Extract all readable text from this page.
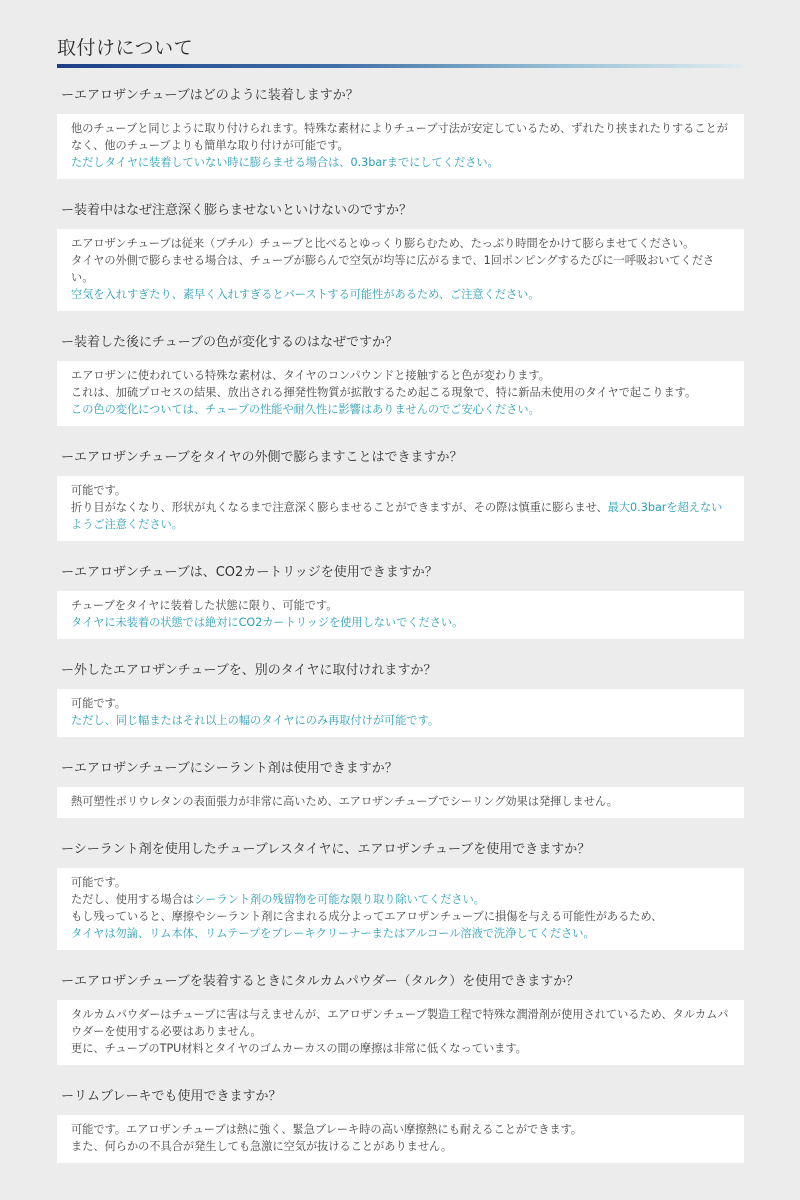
取付けについて
ーエアロザンチューブはどのように装着しますか？

他のチューブと同じように取り付けられます。特殊な素材によりチューブ寸法が安定しているため、ずれたり挟まれたりすることがなく、他のチューブよりも簡単な取り付けが可能です。

ただしタイヤに装着していない時に膨らませる場合は、0.3barまでにしてください。

ー装着中はなぜ注意深く膨らませないといけないのですか？

エアロザンチューブは従来（ブチル）チューブと比べるとゆっくり膨らむため、たっぷり時間をかけて膨らませてください。

タイヤの外側で膨らませる場合は、チューブが膨らんで空気が均等に広がるまで、1回ポンピングするたびに一呼吸おいてください。

空気を入れすぎたり、素早く入れすぎるとバーストする可能性があるため、ご注意ください。

ー装着した後にチューブの色が変化するのはなぜですか？

エアロザンに使われている特殊な素材は、タイヤのコンパウンドと接触すると色が変わります。

これは、加硫プロセスの結果、放出される揮発性物質が拡散するため起こる現象で、特に新品未使用のタイヤで起こります。

この色の変化については、チューブの性能や耐久性に影響はありませんのでご安心ください。

ーエアロザンチューブをタイヤの外側で膨らますことはできますか？

可能です。

折り目がなくなり、形状が丸くなるまで注意深く膨らませることができますが、その際は慎重に膨らませ、最大0.3barを超えないようご注意ください。

ーエアロザンチューブは、CO2カートリッジを使用できますか？

チューブをタイヤに装着した状態に限り、可能です。

タイヤに未装着の状態では絶対にCO2カートリッジを使用しないでください。

ー外したエアロザンチューブを、別のタイヤに取付けれますか？

可能です。

ただし、同じ幅またはそれ以上の幅のタイヤにのみ再取付けが可能です。

ーエアロザンチューブにシーラント剤は使用できますか？

熱可塑性ポリウレタンの表面張力が非常に高いため、エアロザンチューブでシーリング効果は発揮しません。

ーシーラント剤を使用したチューブレスタイヤに、エアロザンチューブを使用できますか？

可能です。

ただし、使用する場合はシーラント剤の残留物を可能な限り取り除いてください。

もし残っていると、摩擦やシーラント剤に含まれる成分よってエアロザンチューブに損傷を与える可能性があるため、

タイヤは勿論、リム本体、リムテープをブレーキクリーナーまたはアルコール溶液で洗浄してください。

ーエアロザンチューブを装着するときにタルカムパウダー（タルク）を使用できますか？

タルカムパウダーはチューブに害は与えませんが、エアロザンチューブ製造工程で特殊な潤滑剤が使用されているため、タルカムパウダーを使用する必要はありません。

更に、チューブのTPU材料とタイヤのゴムカーカスの間の摩擦は非常に低くなっています。

ーリムブレーキでも使用できますか？

可能です。エアロザンチューブは熱に強く、緊急ブレーキ時の高い摩擦熱にも耐えることができます。

また、何らかの不具合が発生しても急激に空気が抜けることがありません。
